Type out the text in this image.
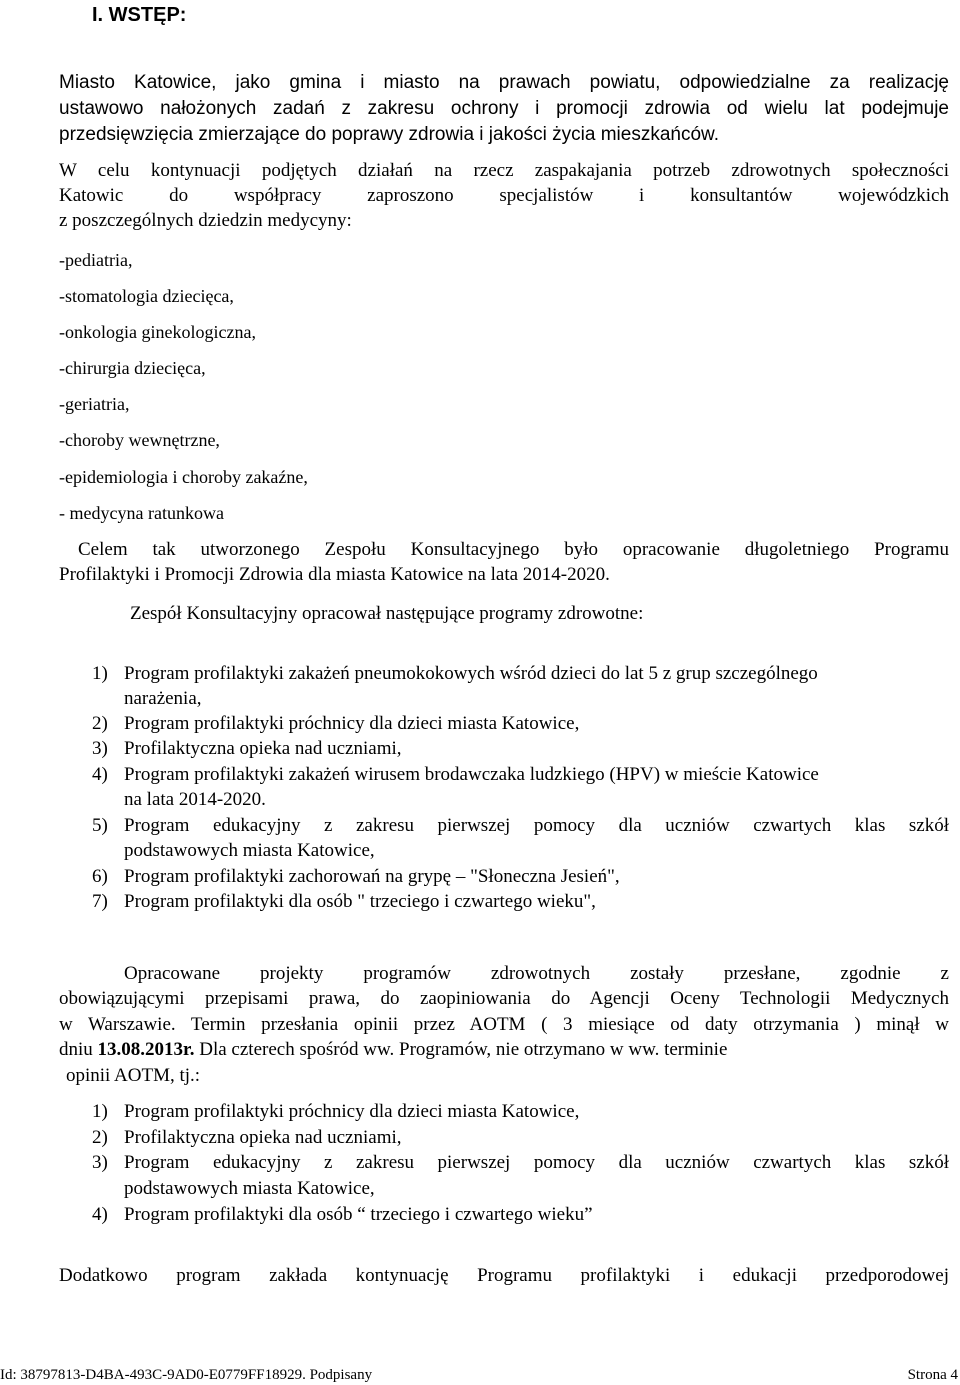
I. WSTĘP:
Miasto Katowice, jako gmina i miasto na prawach powiatu, odpowiedzialne za realizację
ustawowo nałożonych zadań z zakresu ochrony i promocji zdrowia od wielu lat podejmuje
przedsięwzięcia zmierzające do poprawy zdrowia i jakości życia mieszkańców.
W celu kontynuacji podjętych działań na rzecz zaspakajania potrzeb zdrowotnych społeczności
Katowic do współpracy zaproszono specjalistów i konsultantów wojewódzkich
z poszczególnych dziedzin medycyny:
-pediatria,
-stomatologia dziecięca,
-onkologia ginekologiczna,
-chirurgia dziecięca,
-geriatria,
-choroby wewnętrzne,
-epidemiologia i choroby zakaźne,
- medycyna ratunkowa
Celem tak utworzonego Zespołu Konsultacyjnego było opracowanie długoletniego Programu
Profilaktyki i Promocji Zdrowia dla miasta Katowice na lata 2014-2020.
Zespół Konsultacyjny opracował następujące programy zdrowotne:
1) Program profilaktyki zakażeń pneumokokowych wśród dzieci do lat 5 z grup szczególnego
narażenia,
2) Program profilaktyki próchnicy dla dzieci miasta Katowice,
3) Profilaktyczna opieka nad uczniami,
4) Program profilaktyki zakażeń wirusem brodawczaka ludzkiego (HPV) w mieście Katowice
na lata 2014-2020.
5) Program edukacyjny z zakresu pierwszej pomocy dla uczniów czwartych klas szkół
podstawowych miasta Katowice,
6) Program profilaktyki zachorowań na grypę – "Słoneczna Jesień",
7) Program profilaktyki dla osób " trzeciego i czwartego wieku",
Opracowane projekty programów zdrowotnych zostały przesłane, zgodnie z
obowiązującymi przepisami prawa, do zaopiniowania do Agencji Oceny Technologii Medycznych
w Warszawie. Termin przesłania opinii przez AOTM ( 3 miesiące od daty otrzymania ) minął w
dniu 13.08.2013r. Dla czterech spośród ww. Programów, nie otrzymano w ww. terminie
opinii AOTM, tj.:
1) Program profilaktyki próchnicy dla dzieci miasta Katowice,
2) Profilaktyczna opieka nad uczniami,
3) Program edukacyjny z zakresu pierwszej pomocy dla uczniów czwartych klas szkół
podstawowych miasta Katowice,
4) Program profilaktyki dla osób “ trzeciego i czwartego wieku”
Dodatkowo program zakłada kontynuację Programu profilaktyki i edukacji przedporodowej
Id: 38797813-D4BA-493C-9AD0-E0779FF18929. Podpisany	Strona 4
